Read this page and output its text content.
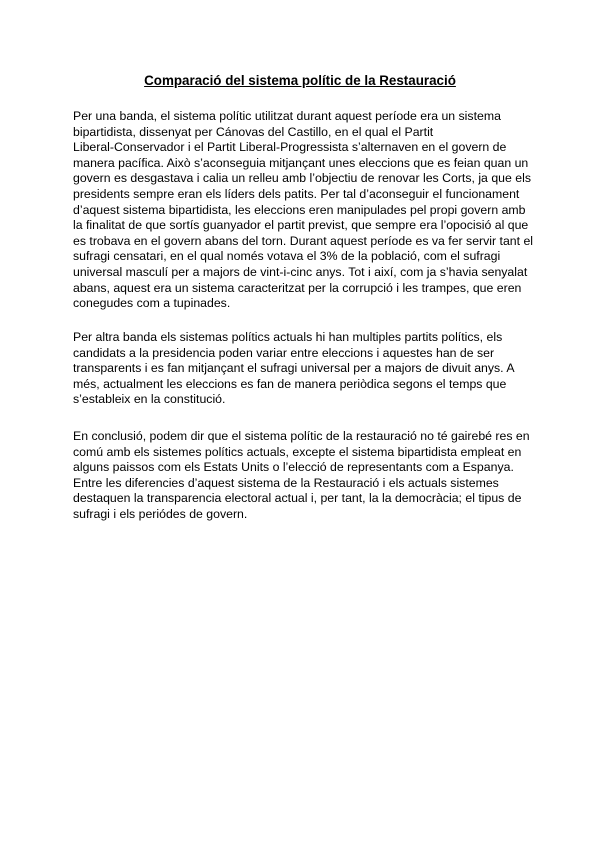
Comparació del sistema polític de la Restauració

Per una banda, el sistema polític utilitzat durant aquest període era un sistema
bipartidista, dissenyat per Cánovas del Castillo, en el qual el Partit
Liberal-Conservador i el Partit Liberal-Progressista s’alternaven en el govern de
manera pacífica. Això s’aconseguia mitjançant unes eleccions que es feian quan un
govern es desgastava i calia un relleu amb l’objectiu de renovar les Corts, ja que els
presidents sempre eran els líders dels patits. Per tal d’aconseguir el funcionament
d’aquest sistema bipartidista, les eleccions eren manipulades pel propi govern amb
la finalitat de que sortís guanyador el partit previst, que sempre era l’opocisió al que
es trobava en el govern abans del torn. Durant aquest període es va fer servir tant el
sufragi censatari, en el qual només votava el 3% de la població, com el sufragi
universal masculí per a majors de vint-i-cinc anys. Tot i així, com ja s’havia senyalat
abans, aquest era un sistema caracteritzat per la corrupció i les trampes, que eren
conegudes com a tupinades.

Per altra banda els sistemas polítics actuals hi han multiples partits polítics, els
candidats a la presidencia poden variar entre eleccions i aquestes han de ser
transparents i es fan mitjançant el sufragi universal per a majors de divuit anys. A
més, actualment les eleccions es fan de manera periòdica segons el temps que
s’estableix en la constitució.

En conclusió, podem dir que el sistema polític de la restauració no té gairebé res en
comú amb els sistemes polítics actuals, excepte el sistema bipartidista empleat en
alguns paissos com els Estats Units o l’elecció de representants com a Espanya.
Entre les diferencies d’aquest sistema de la Restauració i els actuals sistemes
destaquen la transparencia electoral actual i, per tant, la la democràcia; el tipus de
sufragi i els periódes de govern.
